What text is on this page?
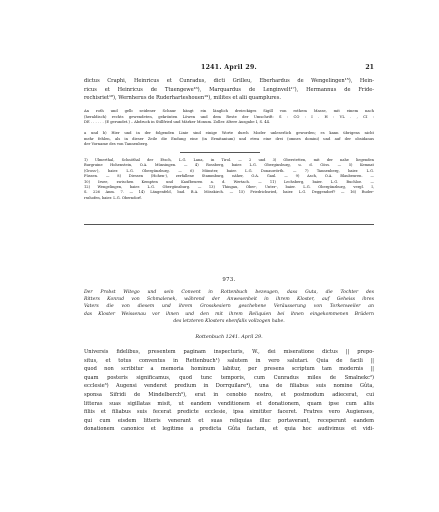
1241. April 29.	21

dictus Craphi, Heinricus et Cunradus, dicti Grilleu, Eberhardus de Wengelingen¹⁵), Hein-
ricus et Heinricus de Ttuengewe¹⁶), Marquardus de Lenginvelt¹⁷), Hermannus de Fride-
rechisriet¹⁸), Wernherus de Ruderharteshouen¹⁹), milites et alii quamplures.

An roth und gelb seidener Schnur hängt ein länglich dreieckiges Sigill von rothem Masse, mit einem nach
(heraldisch) rechts gewendeten, gekrönten Löwen und dem Reste der Umschrift: S : CO : I . H : VL . , CI :
DE . . . . . . (E gerundet.) – Abdruck in Stillfried und Märker Monum. Zoller. ältere Ausgabe I, S. 44.

a und b) Hier und in der folgenden Linie sind einige Worte durch Moder unleserlich geworden; es kann übrigens nicht
mehr fehlen, als in dieser Zeile die Endung eine (in Ermitanium) und etwa eine drei (omnes domini) und auf der obsidanus
der Vorname des von Tannenberg.

1) Ulmerthal, Schnöthal der Etsch, L.G. Lana, in Tirol. — 2 und 3) Oberstetten, mit der nahe liegenden
Burgruine Hohenstein, O.A. Münsingen. — 4) Rossberg, baier. L.G. Oberginsburg, u. d. Göss. — 5) Kemnat
(Gross-), baier. L.G. Obergünzburg. — 6) Münster, baier. L.G. Donauwörth. — 7) Tannenberg, baier. L.G.
Füssen. — 8) Diessen (Hohen-), zerfallene Stammburg, näher, O.A. Gaul. — 9) Asch, O.A. Blaubeuren. —
10) Irsee, zwischen Kempten und Kaufbeuren a. d. Wertach. — 11) Lechsberg, baier. L.G. Buchloe. —
12) Wengelingen, baier. L.G. Obergünzburg. — 13) Thingau, Ober-, Unter-, baier. L.G. Obergünzburg, vergl. I,
S. 226 Anm. 7. — 14) Längenfeld, bad. B.A. Mösskirch. — 15) Friedrichsried, baier. L.G. Deggendorf? — 16) Ruder-
rsshofen, baier. L.G. Oberndorf.

973.

Der Probst Witego und sein Convent in Rottenbuch bezeugen, dass Guta, die Tochter des
Ritters Konrad von Schmalenek, während der Anwesenheit in ihrem Kloster, auf Geheiss ihres
Vaters die von diesem und ihrem Grosskesiern geschehene Veräusserung von Torkenweiler an
das Kloster Weissenau vor ihnen und den mit ihrem Reliquien bei ihnen eingekommenen Brüdern
des letzteren Klosters ebenfalls vollzogen habe.

Rottenbuch 1241. April 29.

Universis fidelibus, presentem paginam inspecturis, W., dei miseratione dictus || prepo-
situs, et totus conventus in Rettenbuch¹) salutem in vero salutari. Quia de facili ||
quod non scribitur a memoria hominum labitur, per presens scriptum tam modernis ||
quam posteris significamus, quod tunc temporis, cum Cunradus miles de Smalnekc²)
ecclesie³) Augensi venderet predium in Dorrquilare⁴), una de filiabus suis nomine Gûta,
sponsa Sifridi de Mindelberch⁵), erat in cenobio nostro, et postmodum adiecerat, cui
litteras suas sigillatas misit, ut eandem venditionem et donationem, quam ipse cum aliis
filiis et filiabus suis fecerat predicte ecclesie, ipsa simititer faceret. Fratres vero Augienses,
qui cum eisdem litteris venerant et suas reliquias illuc portaverant, receperunt eandem
donationem canonice et legitime a predicta Gûta factam, et quia hoc audivimus et vidi-
